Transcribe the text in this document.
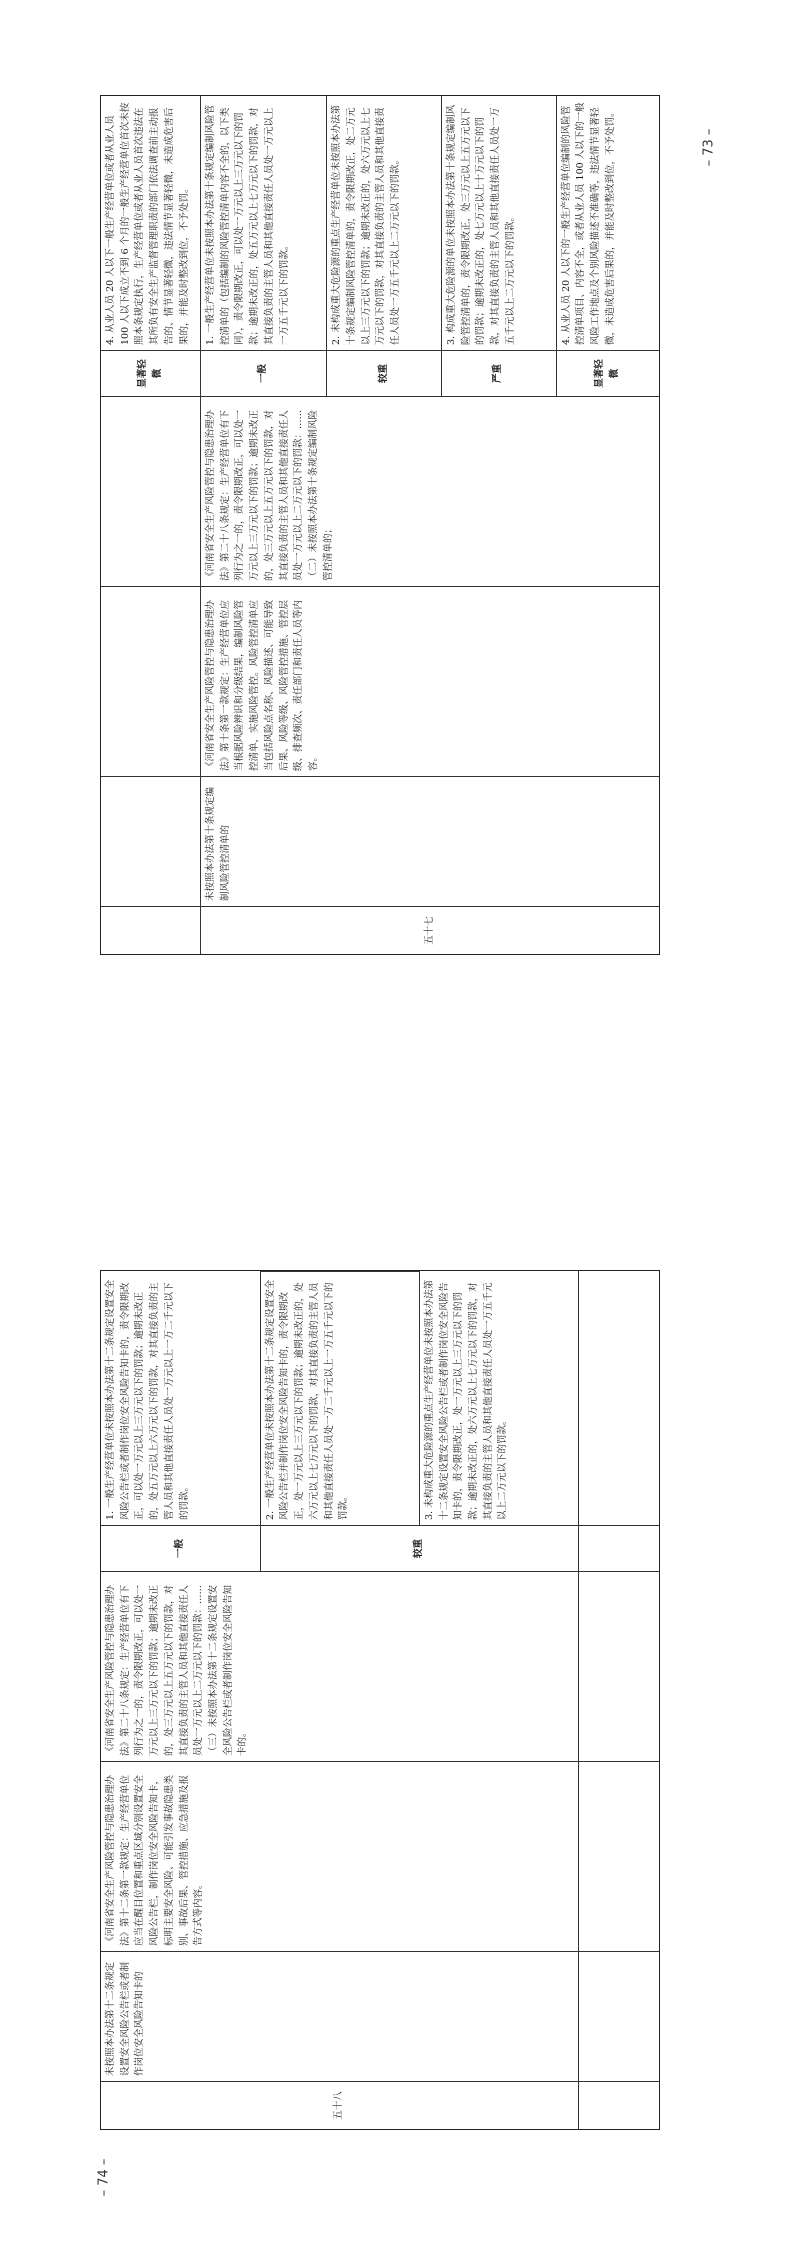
– 73 –
– 74 –
显著轻微
4. 从业人员 20 人以下一般生产经营单位或者从业人员 100 人以下成立不到 6 个月的一般生产经营单位首次未按照本条规定执行，生产经营单位或者从业人员首次违法在其所负有安全生产监督管理职责的部门依法调查前主动报告的、情节显著轻微，违法情节显著轻微，未造成危害后果的，并能及时整改到位，不予处罚。
五十七
未按照本办法第十条规定编制风险管控清单的
《河南省安全生产风险管控与隐患治理办法》第十条第一款规定：生产经营单位应当根据风险辨识和分级结果，编制风险管控清单，实施风险管控。风险管控清单应当包括风险点名称、风险描述、可能导致后果、风险等级、风险管控措施、管控层级、排查频次、责任部门和责任人员等内容。
《河南省安全生产风险管控与隐患治理办法》第二十八条规定：生产经营单位有下列行为之一的，责令限期改正，可以处一万元以上三万元以下的罚款；逾期未改正的，处三万元以上五万元以下的罚款，对其直接负责的主管人员和其他直接责任人员处一万元以上二万元以下的罚款：……（二）未按照本办法第十条规定编制风险管控清单的；
一般
1. 一般生产经营单位未按照本办法第十条规定编制风险管控清单的（包括编制的风险管控清单内容不全的，以下类同），责令限期改正，可以处一万元以上三万元以下的罚款；逾期未改正的，处五万元以上七万元以下的罚款，对其直接负责的主管人员和其他直接责任人员处一万元以上一万五千元以下的罚款。
较重
2. 未构成重大危险源的重点生产经营单位未按照本办法第十条规定编制风险管控清单的，责令限期改正，处二万元以上三万元以下的罚款；逾期未改正的，处六万元以上七万元以下的罚款，对其直接负责的主管人员和其他直接责任人员处一万五千元以上二万元以下的罚款。
严重
3. 构成重大危险源的单位未按照本办法第十条规定编制风险管控清单的，责令限期改正，处三万元以上五万元以下的罚款；逾期未改正的，处七万元以上十万元以下的罚款，对其直接负责的主管人员和其他直接责任人员处一万五千元以上二万元以下的罚款。
显著轻微
4. 从业人员 20 人以下的一般生产经营单位编制的风险管控清单项目、内容不全，或者从业人员 100 人以下的一般风险工作地点及个别风险描述不准确等，违法情节显著轻微，未造成危害后果的，并能及时整改到位，不予处罚。
五十八
未按照本办法第十二条规定设置安全风险公告栏或者制作岗位安全风险告知卡的
《河南省安全生产风险管控与隐患治理办法》第十二条第一款规定：生产经营单位应当在醒目位置和重点区域分别设置安全风险公告栏，制作岗位安全风险告知卡，标明主要安全风险、可能引发事故隐患类别、事故后果、管控措施、应急措施及报告方式等内容。
《河南省安全生产风险管控与隐患治理办法》第二十八条规定：生产经营单位有下列行为之一的，责令限期改正，可以处一万元以上三万元以下的罚款；逾期未改正的，处三万元以上五万元以下的罚款，对其直接负责的主管人员和其他直接责任人员处一万元以上二万元以下的罚款：……（三）未按照本办法第十二条规定设置安全风险公告栏或者制作岗位安全风险告知卡的。
一般
1. 一般生产经营单位未按照本办法第十二条规定设置安全风险公告栏或者制作岗位安全风险告知卡的，责令限期改正，可以处一万元以上三万元以下的罚款；逾期未改正的，处五万元以上六万元以下的罚款，对其直接负责的主管人员和其他直接责任人员处一万元以上一万二千元以下的罚款。
较重
2. 一般生产经营单位未按照本办法第十二条规定设置安全风险公告栏并制作岗位安全风险告知卡的，责令限期改正，处一万元以上三万元以下的罚款；逾期未改正的，处六万元以上七万元以下的罚款，对其直接负责的主管人员和其他直接责任人员处一万二千元以上一万五千元以下的罚款。	3. 未构成重大危险源的重点生产经营单位未按照本办法第十二条规定设置安全风险公告栏或者制作岗位安全风险告知卡的，责令限期改正，处一万元以上三万元以下的罚款；逾期未改正的，处六万元以上七万元以下的罚款，对其直接负责的主管人员和其他直接责任人员处一万五千元以上二万元以下的罚款。
